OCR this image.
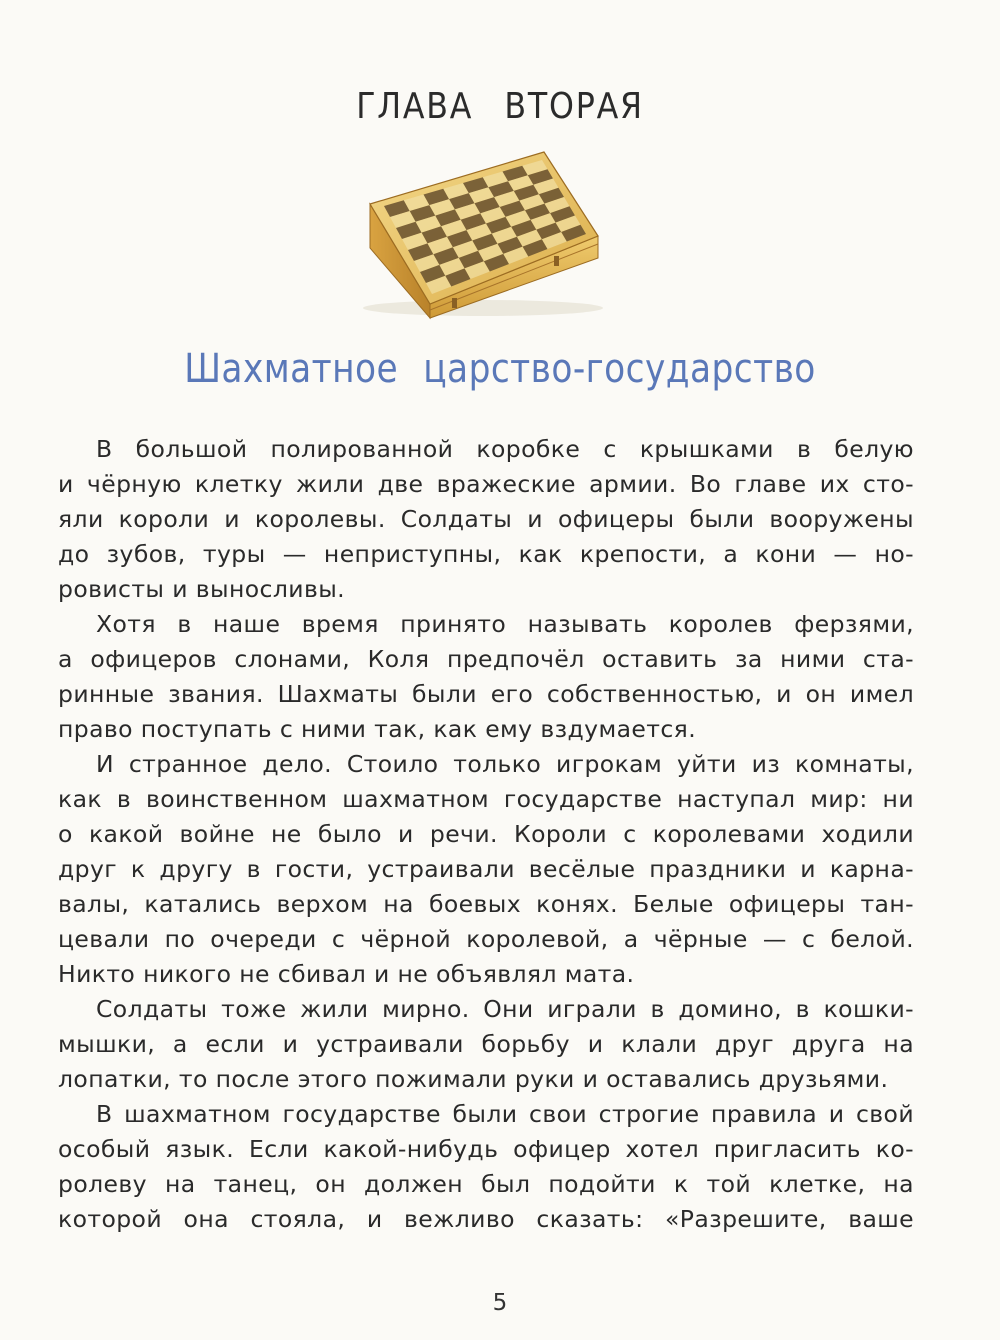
ГЛАВА ВТОРАЯ
Шахматное царство-государство
В большой полированной коробке с крышками в белую
и чёрную клетку жили две вражеские армии. Во главе их сто-
яли короли и королевы. Солдаты и офицеры были вооружены
до зубов, туры — неприступны, как крепости, а кони — но-
ровисты и выносливы.
Хотя в наше время принято называть королев ферзями,
а офицеров слонами, Коля предпочёл оставить за ними ста-
ринные звания. Шахматы были его собственностью, и он имел
право поступать с ними так, как ему вздумается.
И странное дело. Стоило только игрокам уйти из комнаты,
как в воинственном шахматном государстве наступал мир: ни
о какой войне не было и речи. Короли с королевами ходили
друг к другу в гости, устраивали весёлые праздники и карна-
валы, катались верхом на боевых конях. Белые офицеры тан-
цевали по очереди с чёрной королевой, а чёрные — с белой.
Никто никого не сбивал и не объявлял мата.
Солдаты тоже жили мирно. Они играли в домино, в кошки-
мышки, а если и устраивали борьбу и клали друг друга на
лопатки, то после этого пожимали руки и оставались друзьями.
В шахматном государстве были свои строгие правила и свой
особый язык. Если какой-нибудь офицер хотел пригласить ко-
ролеву на танец, он должен был подойти к той клетке, на
которой она стояла, и вежливо сказать: «Разрешите, ваше
5
